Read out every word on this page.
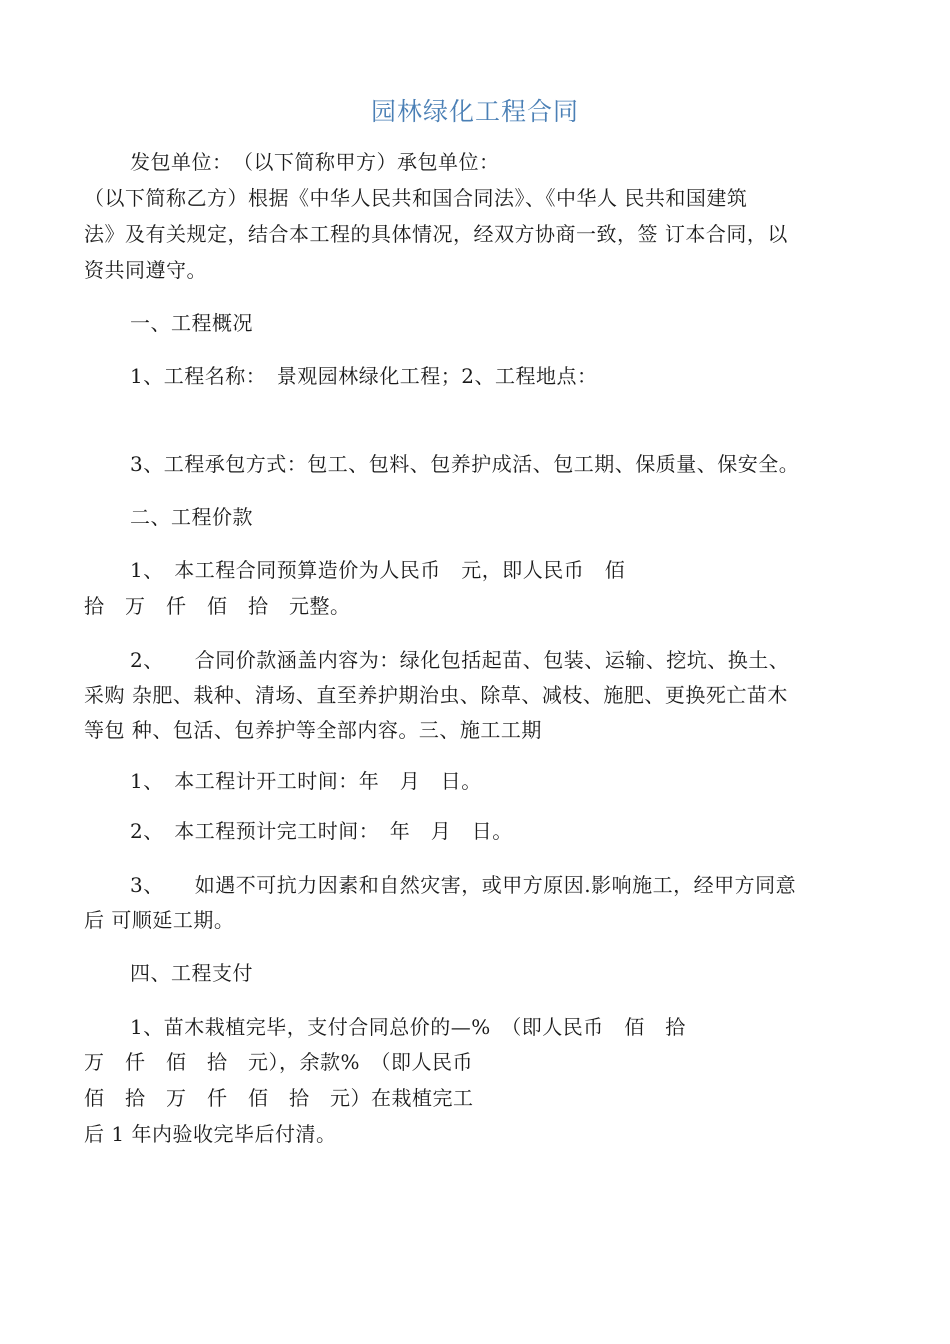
园林绿化工程合同
发包单位：　（以下简称甲方）承包单位：
（以下简称乙方）根据《中华人民共和国合同法》、《中华人 民共和国建筑
法》及有关规定，结合本工程的具体情况，经双方协商一致，签 订本合同，以
资共同遵守。
一、工程概况
1、工程名称：　景观园林绿化工程；2、工程地点：
3、工程承包方式：包工、包料、包养护成活、包工期、保质量、保安全。
二、工程价款
1、　本工程合同预算造价为人民币　元，即人民币　佰
拾　万　仟　佰　拾　元整。
2、　　合同价款涵盖内容为：绿化包括起苗、包装、运输、挖坑、换土、
采购 杂肥、栽种、清场、直至养护期治虫、除草、减枝、施肥、更换死亡苗木
等包 种、包活、包养护等全部内容。三、施工工期
1、　本工程计开工时间：年　月　日。
2、　本工程预计完工时间：　年　月　日。
3、　　如遇不可抗力因素和自然灾害，或甲方原因.影响施工，经甲方同意
后 可顺延工期。
四、工程支付
1、苗木栽植完毕，支付合同总价的—%　（即人民币　佰　拾
万　仟　佰　拾　元），余款%　（即人民币
佰　拾　万　仟　佰　拾　元）在栽植完工
后 1 年内验收完毕后付清。
